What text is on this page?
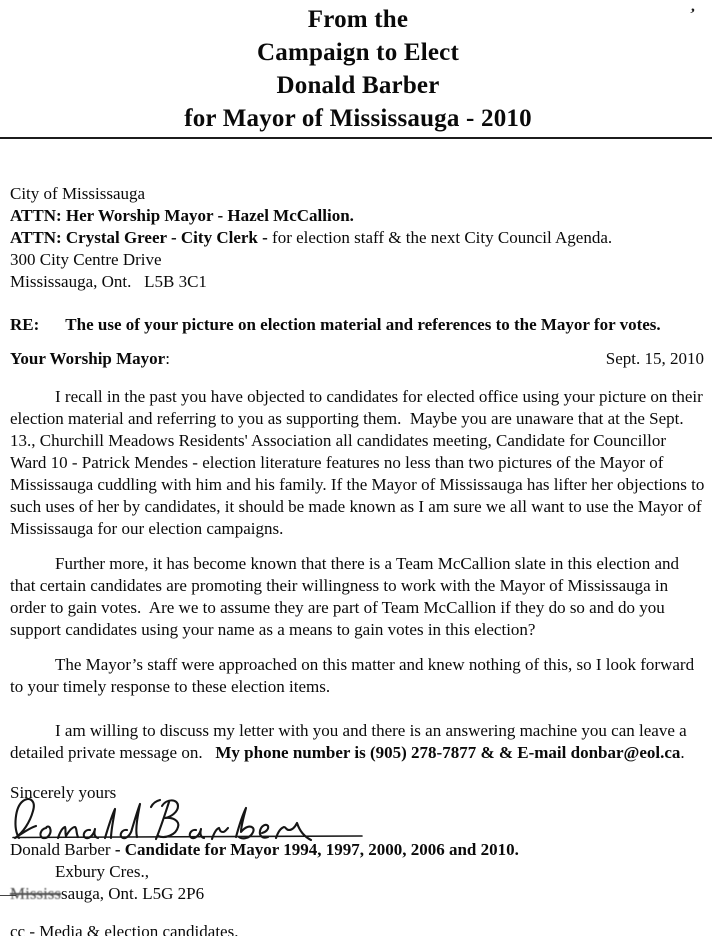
’
From the
Campaign to Elect
Donald Barber
for Mayor of Mississauga - 2010
City of Mississauga
ATTN: Her Worship Mayor - Hazel McCallion.
ATTN: Crystal Greer - City Clerk - for election staff & the next City Council Agenda.
300 City Centre Drive
Mississauga, Ont.   L5B 3C1
RE: The use of your picture on election material and references to the Mayor for votes.
Your Worship Mayor:	Sept. 15, 2010

I recall in the past you have objected to candidates for elected office using your picture on their election material and referring to you as supporting them.  Maybe you are unaware that at the Sept. 13., Churchill Meadows Residents' Association all candidates meeting, Candidate for Councillor Ward 10 - Patrick Mendes - election literature features no less than two pictures of the Mayor of Mississauga cuddling with him and his family. If the Mayor of Mississauga has lifter her objections to such uses of her by candidates, it should be made known as I am sure we all want to use the Mayor of Mississauga for our election campaigns.

Further more, it has become known that there is a Team McCallion slate in this election and that certain candidates are promoting their willingness to work with the Mayor of Mississauga in order to gain votes.  Are we to assume they are part of Team McCallion if they do so and do you support candidates using your name as a means to gain votes in this election?

The Mayor’s staff were approached on this matter and knew nothing of this, so I look forward to your timely response to these election items.

I am willing to discuss my letter with you and there is an answering machine you can leave a detailed private message on.   My phone number is (905) 278-7877 & & E-mail donbar@eol.ca.

Sincerely yours
Donald Barber - Candidate for Mayor 1994, 1997, 2000, 2006 and 2010.
Exbury Cres.,
Mississsauga, Ont. L5G 2P6
cc - Media & election candidates.
